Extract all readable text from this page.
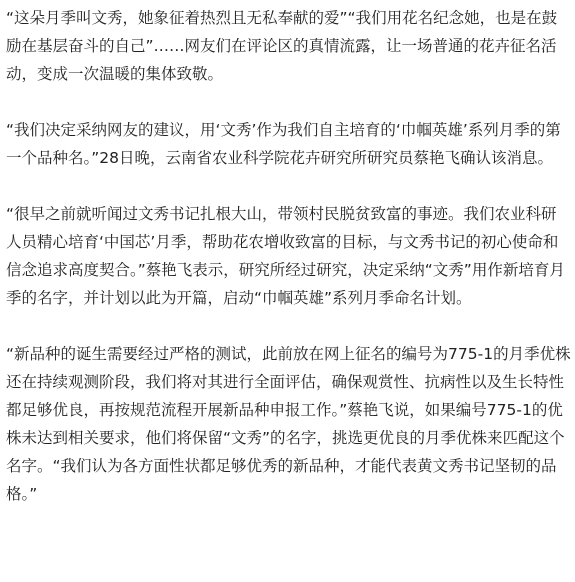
“这朵月季叫文秀，她象征着热烈且无私奉献的爱”“我们用花名纪念她，也是在鼓励在基层奋斗的自己”……网友们在评论区的真情流露，让一场普通的花卉征名活动，变成一次温暖的集体致敬。

“我们决定采纳网友的建议，用‘文秀’作为我们自主培育的‘巾帼英雄’系列月季的第一个品种名。”28日晚，云南省农业科学院花卉研究所研究员蔡艳飞确认该消息。

“很早之前就听闻过文秀书记扎根大山，带领村民脱贫致富的事迹。我们农业科研人员精心培育‘中国芯’月季，帮助花农增收致富的目标，与文秀书记的初心使命和信念追求高度契合。”蔡艳飞表示，研究所经过研究，决定采纳“文秀”用作新培育月季的名字，并计划以此为开篇，启动“巾帼英雄”系列月季命名计划。

“新品种的诞生需要经过严格的测试，此前放在网上征名的编号为775-1的月季优株还在持续观测阶段，我们将对其进行全面评估，确保观赏性、抗病性以及生长特性都足够优良，再按规范流程开展新品种申报工作。”蔡艳飞说，如果编号775-1的优株未达到相关要求，他们将保留“文秀”的名字，挑选更优良的月季优株来匹配这个名字。“我们认为各方面性状都足够优秀的新品种，才能代表黄文秀书记坚韧的品格。”
